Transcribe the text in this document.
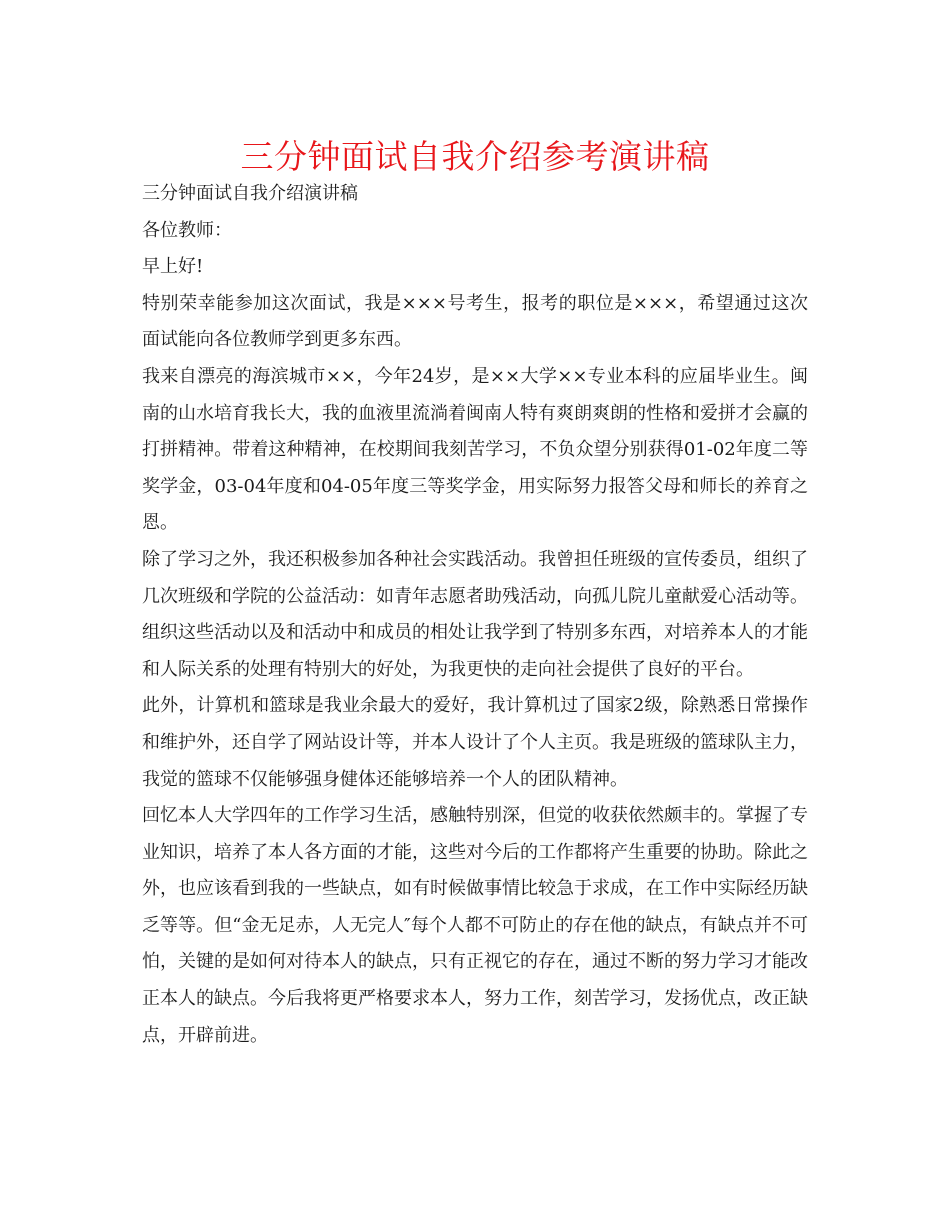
三分钟面试自我介绍参考演讲稿

三分钟面试自我介绍演讲稿

各位教师：

早上好!

特别荣幸能参加这次面试，我是×××号考生，报考的职位是×××，希望通过这次面试能向各位教师学到更多东西。

我来自漂亮的海滨城市××，今年24岁，是××大学××专业本科的应届毕业生。闽南的山水培育我长大，我的血液里流淌着闽南人特有爽朗爽朗的性格和爱拼才会赢的打拼精神。带着这种精神，在校期间我刻苦学习，不负众望分别获得01-02年度二等奖学金，03-04年度和04-05年度三等奖学金，用实际努力报答父母和师长的养育之恩。

除了学习之外，我还积极参加各种社会实践活动。我曾担任班级的宣传委员，组织了几次班级和学院的公益活动：如青年志愿者助残活动，向孤儿院儿童献爱心活动等。组织这些活动以及和活动中和成员的相处让我学到了特别多东西，对培养本人的才能和人际关系的处理有特别大的好处，为我更快的走向社会提供了良好的平台。

此外，计算机和篮球是我业余最大的爱好，我计算机过了国家2级，除熟悉日常操作和维护外，还自学了网站设计等，并本人设计了个人主页。我是班级的篮球队主力，我觉的篮球不仅能够强身健体还能够培养一个人的团队精神。

回忆本人大学四年的工作学习生活，感触特别深，但觉的收获依然颇丰的。掌握了专业知识，培养了本人各方面的才能，这些对今后的工作都将产生重要的协助。除此之外，也应该看到我的一些缺点，如有时候做事情比较急于求成，在工作中实际经历缺乏等等。但“金无足赤，人无完人″每个人都不可防止的存在他的缺点，有缺点并不可怕，关键的是如何对待本人的缺点，只有正视它的存在，通过不断的努力学习才能改正本人的缺点。今后我将更严格要求本人，努力工作，刻苦学习，发扬优点，改正缺点，开辟前进。
